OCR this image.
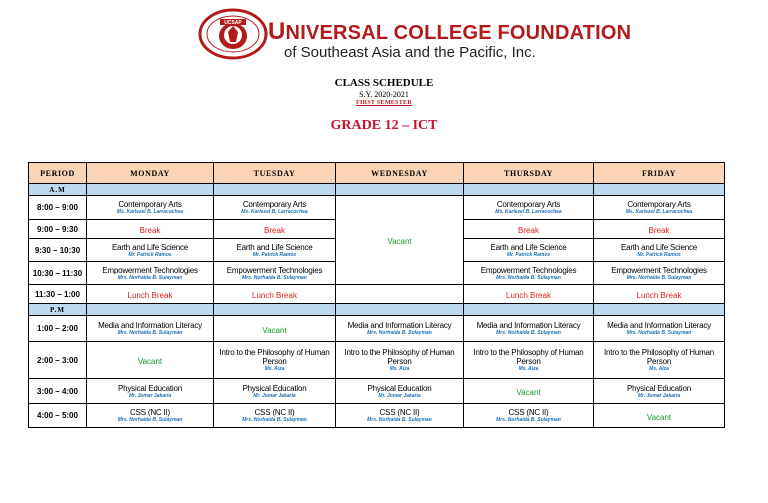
UCSAP UNIVERSAL COLLEGE FOUNDATION
of Southeast Asia and the Pacific, Inc.
CLASS SCHEDULE
S.Y. 2020-2021
FIRST SEMESTER
GRADE 12 – ICT
PERIOD	MONDAY	TUESDAY	WEDNESDAY	THURSDAY	FRIDAY
A.M					
8:00 – 9:00	Contemporary Arts
Ms. Karlezel B. Larracochea	Contemporary Arts
Ms. Karlezel B. Larracochea	Vacant	Contemporary Arts
Ms. Karlezel B. Larracochea	Contemporary Arts
Ms. Karlezel B. Larracochea

9:00 – 9:30	Break	Break		Break	Break
9:30 – 10:30	Earth and Life Science
Mr. Patrick Ramos	Earth and Life Science
Mr. Patrick Ramos		Earth and Life Science
Mr. Patrick Ramos	Earth and Life Science
Mr. Patrick Ramos

10:30 – 11:30	Empowerment Technologies
Mrs. Norhaida B. Sulayman	Empowerment Technologies
Mrs. Norhaida B. Sulayman		Empowerment Technologies
Mrs. Norhaida B. Sulayman	Empowerment Technologies
Mrs. Norhaida B. Sulayman

11:30 – 1:00	Lunch Break	Lunch Break		Lunch Break	Lunch Break
P.M					
1:00 – 2:00	Media and Information Literacy
Mrs. Norhaida B. Sulayman	Vacant	Media and Information Literacy
Mrs. Norhaida B. Sulayman	Media and Information Literacy
Mrs. Norhaida B. Sulayman	Media and Information Literacy
Mrs. Norhaida B. Sulayman

2:00 – 3:00	Vacant	Intro to the Philosophy of Human Person
Ms. Aiza	Intro to the Philosophy of Human Person
Ms. Aiza	Intro to the Philosophy of Human Person
Ms. Aiza	Intro to the Philosophy of Human Person
Ms. Aiza

3:00 – 4:00	Physical Education
Mr. Jomar Jakaria	Physical Education
Mr. Jomar Jakaria	Physical Education
Mr. Jomar Jakaria	Vacant	Physical Education
Mr. Jomar Jakaria

4:00 – 5:00	CSS (NC II)
Mrs. Norhaida B. Sulayman	CSS (NC II)
Mrs. Norhaida B. Sulayman	CSS (NC II)
Mrs. Norhaida B. Sulayman	CSS (NC II)
Mrs. Norhaida B. Sulayman	Vacant
